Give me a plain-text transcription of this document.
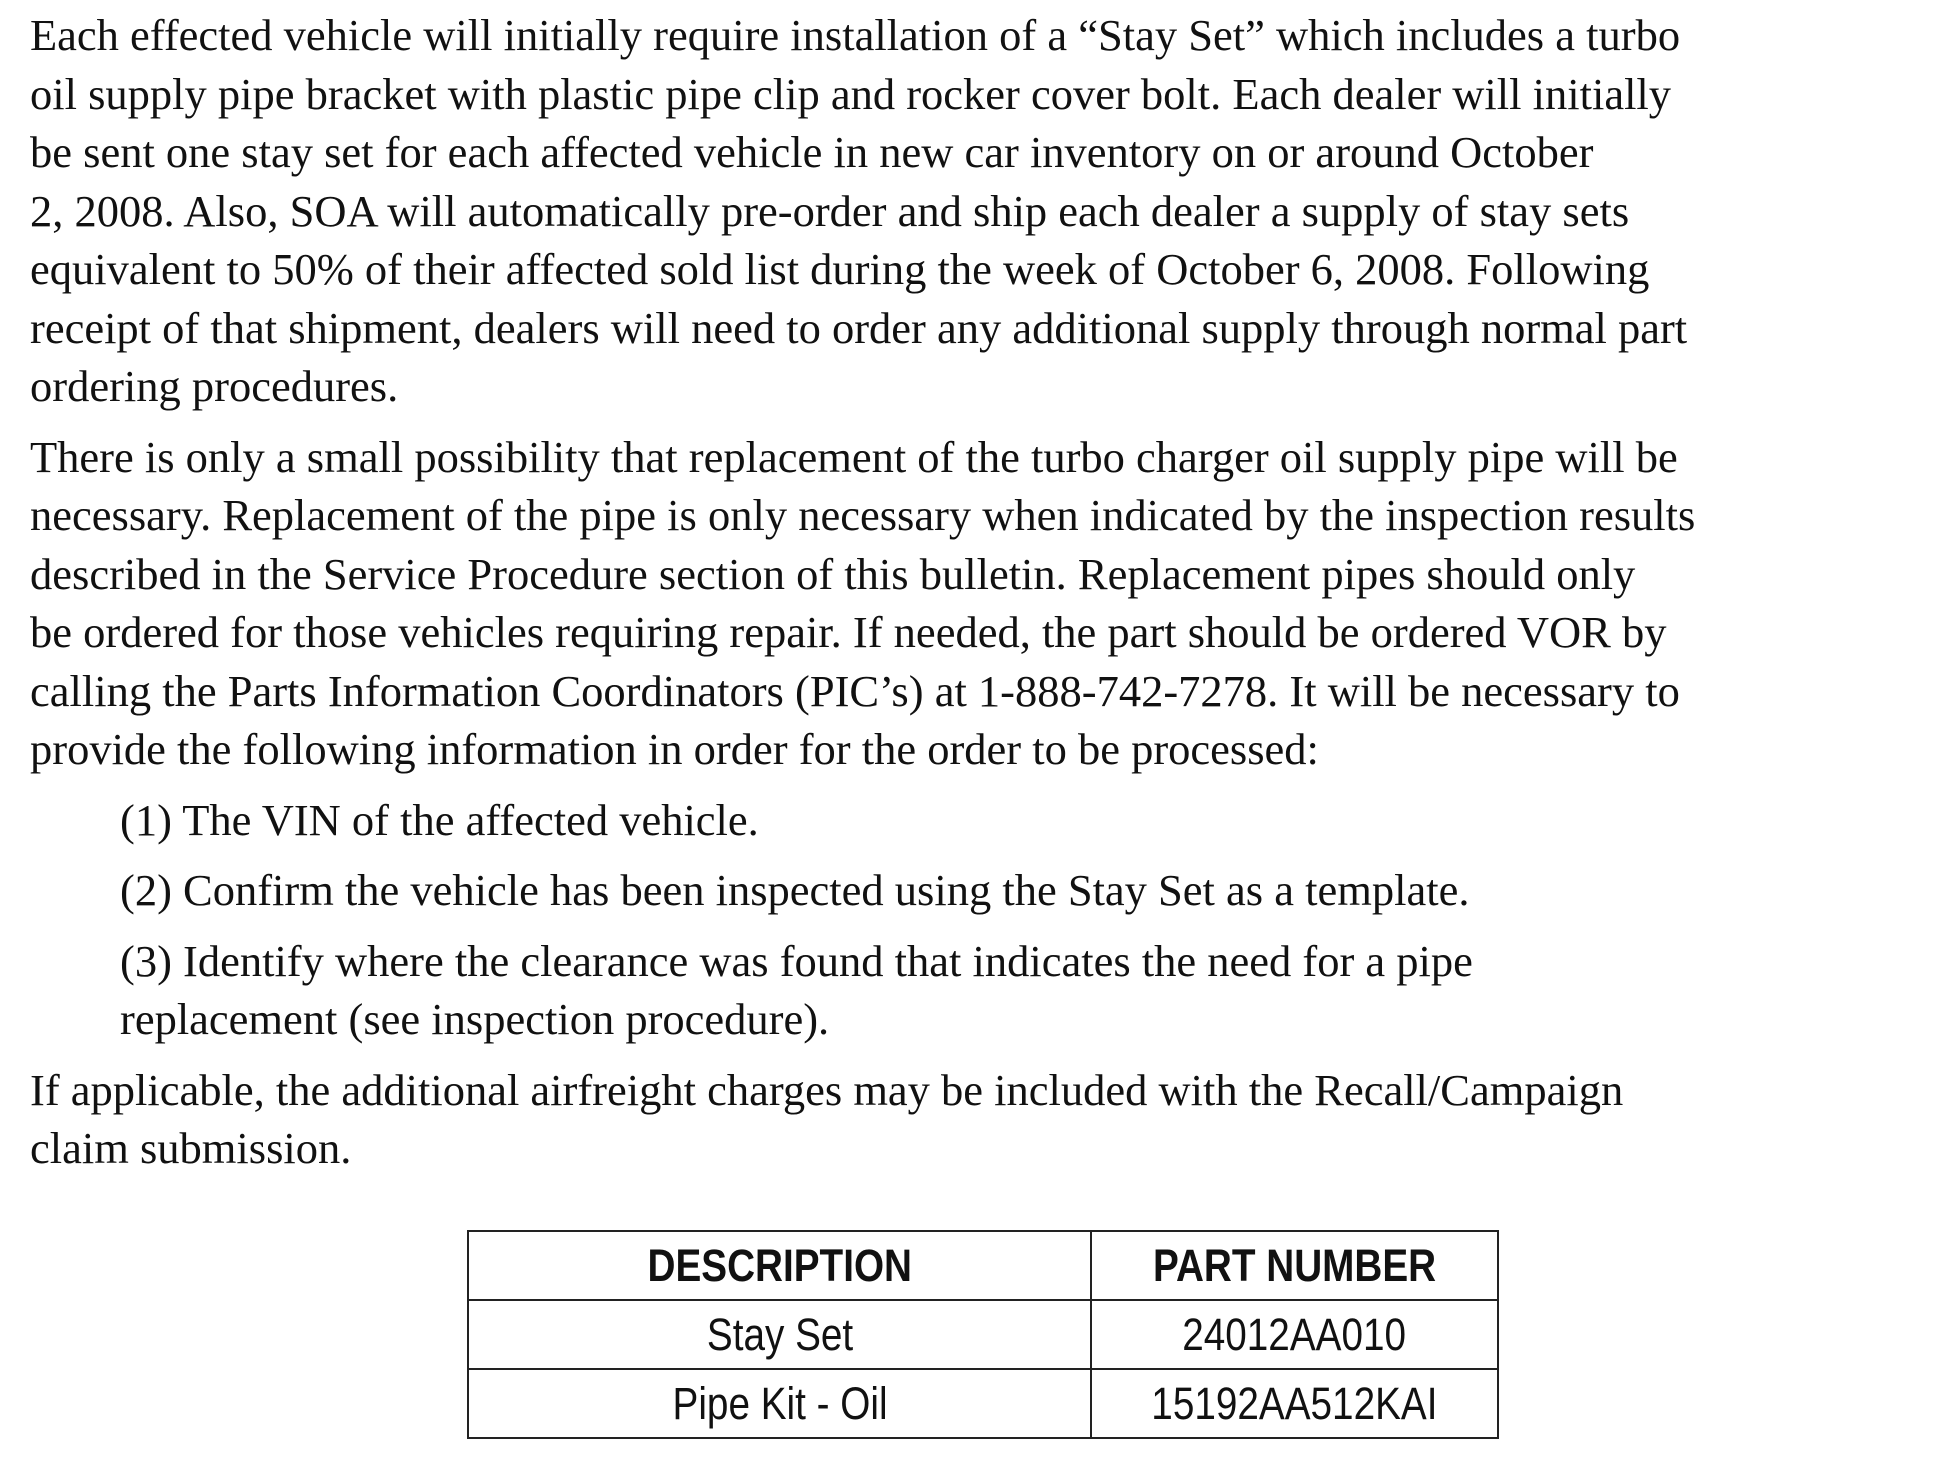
Each effected vehicle will initially require installation of a “Stay Set” which includes a turbo
oil supply pipe bracket with plastic pipe clip and rocker cover bolt. Each dealer will initially
be sent one stay set for each affected vehicle in new car inventory on or around October
2, 2008. Also, SOA will automatically pre-order and ship each dealer a supply of stay sets
equivalent to 50% of their affected sold list during the week of October 6, 2008. Following
receipt of that shipment, dealers will need to order any additional supply through normal part
ordering procedures.

There is only a small possibility that replacement of the turbo charger oil supply pipe will be
necessary. Replacement of the pipe is only necessary when indicated by the inspection results
described in the Service Procedure section of this bulletin. Replacement pipes should only
be ordered for those vehicles requiring repair. If needed, the part should be ordered VOR by
calling the Parts Information Coordinators (PIC’s) at 1-888-742-7278. It will be necessary to
provide the following information in order for the order to be processed:

(1) The VIN of the affected vehicle.
(2) Confirm the vehicle has been inspected using the Stay Set as a template.
(3) Identify where the clearance was found that indicates the need for a pipe
replacement (see inspection procedure).

If applicable, the additional airfreight charges may be included with the Recall/Campaign
claim submission.

DESCRIPTION	PART NUMBER
Stay Set	24012AA010
Pipe Kit - Oil	15192AA512KAI
